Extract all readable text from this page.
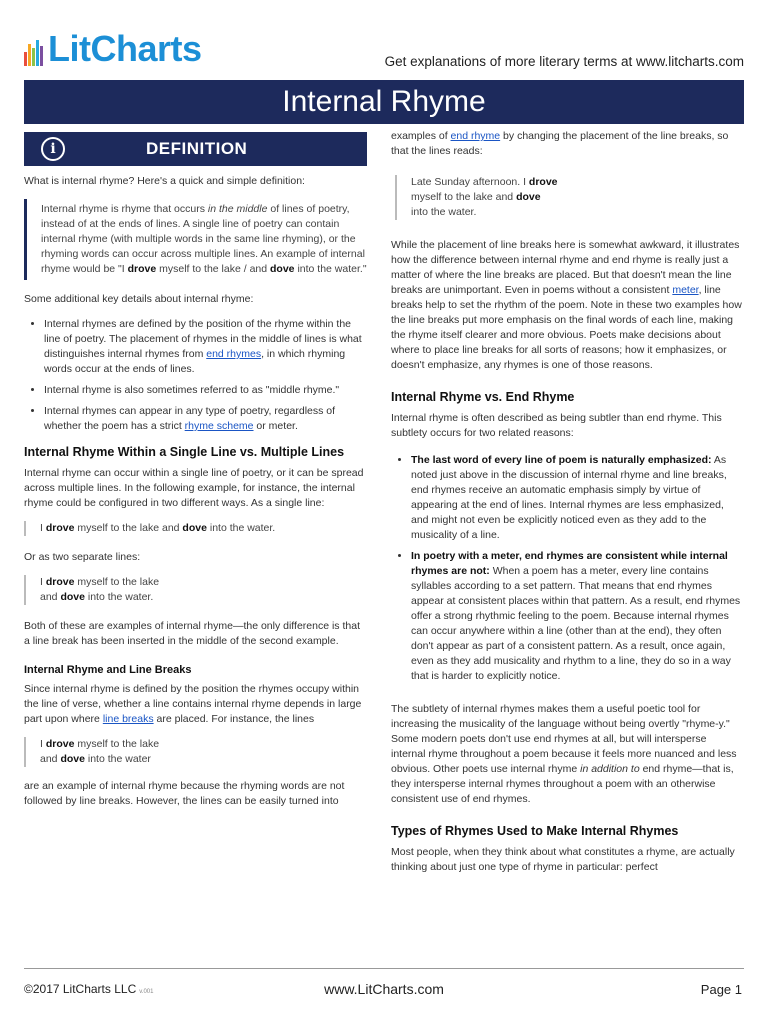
LitCharts	Get explanations of more literary terms at www.litcharts.com
Internal Rhyme
i	DEFINITION

What is internal rhyme? Here's a quick and simple definition:

Internal rhyme is rhyme that occurs in the middle of lines of poetry, instead of at the ends of lines. A single line of poetry can contain internal rhyme (with multiple words in the same line rhyming), or the rhyming words can occur across multiple lines. An example of internal rhyme would be "I drove myself to the lake / and dove into the water."

Some additional key details about internal rhyme:

• Internal rhymes are defined by the position of the rhyme within the line of poetry. The placement of rhymes in the middle of lines is what distinguishes internal rhymes from end rhymes, in which rhyming words occur at the ends of lines.
• Internal rhyme is also sometimes referred to as "middle rhyme."
• Internal rhymes can appear in any type of poetry, regardless of whether the poem has a strict rhyme scheme or meter.
Internal Rhyme Within a Single Line vs. Multiple Lines

Internal rhyme can occur within a single line of poetry, or it can be spread across multiple lines. In the following example, for instance, the internal rhyme could be configured in two different ways. As a single line:

I drove myself to the lake and dove into the water.

Or as two separate lines:

I drove myself to the lake
and dove into the water.

Both of these are examples of internal rhyme—the only difference is that a line break has been inserted in the middle of the second example.

Internal Rhyme and Line Breaks

Since internal rhyme is defined by the position the rhymes occupy within the line of verse, whether a line contains internal rhyme depends in large part upon where line breaks are placed. For instance, the lines

I drove myself to the lake
and dove into the water

are an example of internal rhyme because the rhyming words are not followed by line breaks. However, the lines can be easily turned into

examples of end rhyme by changing the placement of the line breaks, so that the lines reads:

Late Sunday afternoon. I drove
myself to the lake and dove
into the water.

While the placement of line breaks here is somewhat awkward, it illustrates how the difference between internal rhyme and end rhyme is really just a matter of where the line breaks are placed. But that doesn't mean the line breaks are unimportant. Even in poems without a consistent meter, line breaks help to set the rhythm of the poem. Note in these two examples how the line breaks put more emphasis on the final words of each line, making the rhyme itself clearer and more obvious. Poets make decisions about where to place line breaks for all sorts of reasons; how it emphasizes, or doesn't emphasize, any rhymes is one of those reasons.

Internal Rhyme vs. End Rhyme

Internal rhyme is often described as being subtler than end rhyme. This subtlety occurs for two related reasons:

• The last word of every line of poem is naturally emphasized: As noted just above in the discussion of internal rhyme and line breaks, end rhymes receive an automatic emphasis simply by virtue of appearing at the end of lines. Internal rhymes are less emphasized, and might not even be explicitly noticed even as they add to the musicality of a line.
• In poetry with a meter, end rhymes are consistent while internal rhymes are not: When a poem has a meter, every line contains syllables according to a set pattern. That means that end rhymes appear at consistent places within that pattern. As a result, end rhymes offer a strong rhythmic feeling to the poem. Because internal rhymes can occur anywhere within a line (other than at the end), they often don't appear as part of a consistent pattern. As a result, once again, even as they add musicality and rhythm to a line, they do so in a way that is harder to explicitly notice.

The subtlety of internal rhymes makes them a useful poetic tool for increasing the musicality of the language without being overtly "rhyme-y." Some modern poets don't use end rhymes at all, but will intersperse internal rhyme throughout a poem because it feels more nuanced and less obvious. Other poets use internal rhyme in addition to end rhyme—that is, they intersperse internal rhymes throughout a poem with an otherwise consistent use of end rhymes.

Types of Rhymes Used to Make Internal Rhymes

Most people, when they think about what constitutes a rhyme, are actually thinking about just one type of rhyme in particular: perfect

©2017 LitCharts LLC v.001	www.LitCharts.com	Page 1
